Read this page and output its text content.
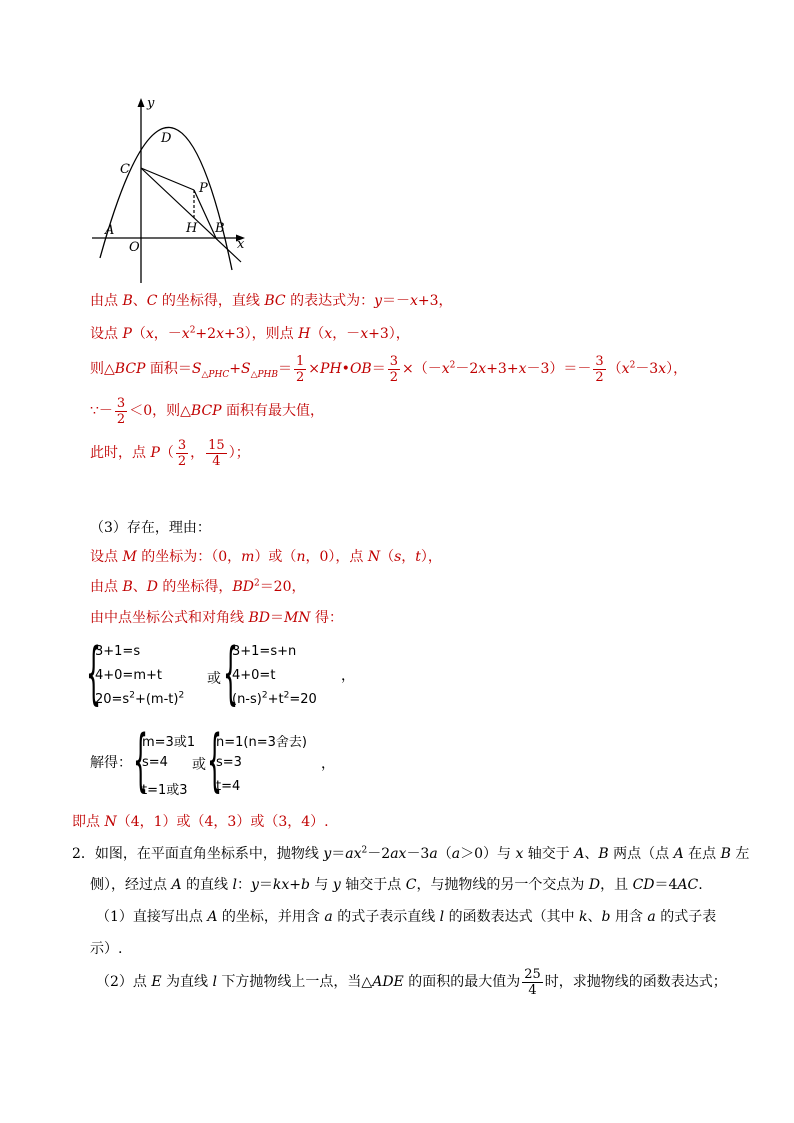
y
D
C
P
A	H B
O	x
由点 B、C 的坐标得，直线 BC 的表达式为：y＝－x+3，
设点 P（x，$-x^2+2x+3$），则点 H（x，－x+3），
则△BCP 面积$=S_{\triangle PHC}+S_{\triangle PHB}= \frac{1}{2}$ ×PH•OB＝ $\frac{3}{2} \times(-x^2-2x+3+x-3)=- \frac{3}{2} (x^2-3x)$，
∵－ $\frac{3}{2} <0$，则△BCP 面积有最大值，
此时，点 $P( \frac{3}{2}$ ， $\frac{15}{4}$ ）；
（3）存在，理由：
设点 M 的坐标为：（0，m）或（n，0），点 N（s，t），
由点 B、D 的坐标得，$BD^2=20$，
由中点坐标公式和对角线 BD＝MN 得：
{
3+1=s
4+0=m+t
$20=s^2+(m-t)^2$
或 {
3+1=s+n
4+0=t
$(n-s)^2+t^2=20$
，
解得： {
m=3或1
s=4
t=1或3
或 {
n=1(n=3舍去)
s=3
t=4
，
即点 N（4，1）或（4，3）或（3，4）.
2．如图，在平面直角坐标系中，抛物线 $y=ax^2-2ax-3a(a>0)$与 x 轴交于 A、B 两点（点 A 在点 B 左
侧），经过点 A 的直线 l：y＝kx+b 与 y 轴交于点 C，与抛物线的另一个交点为 D，且 CD＝4AC.
（1）直接写出点 A 的坐标，并用含 a 的式子表示直线 l 的函数表达式（其中 k、b 用含 a 的式子表
示）.
（2）点 E 为直线 l 下方抛物线上一点，当△ADE 的面积的最大值为 $\frac{25}{4}$ 时，求抛物线的函数表达式；
